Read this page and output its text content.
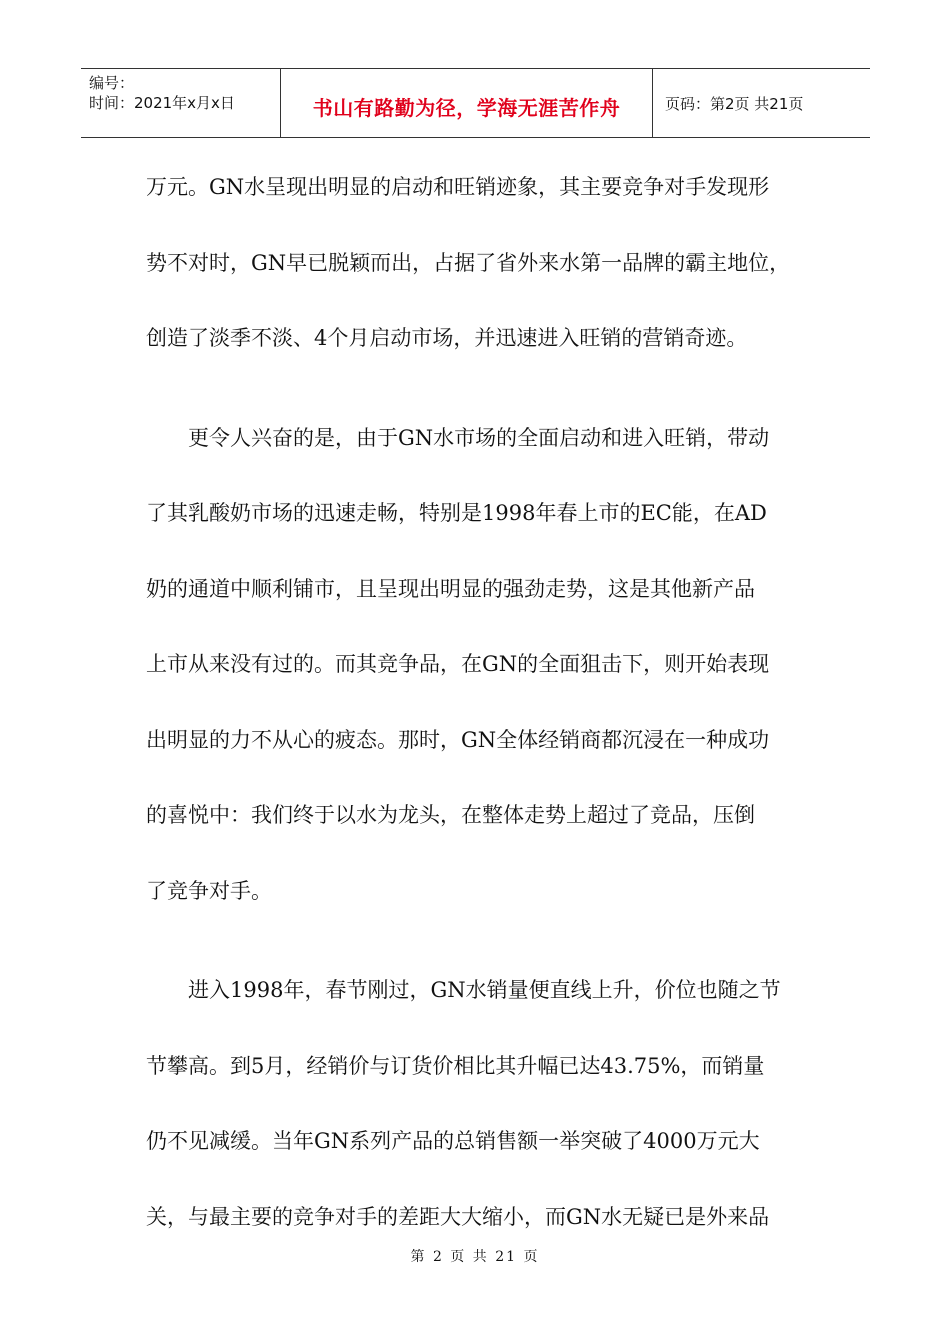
编号：
时间：2021年x月x日	书山有路勤为径，学海无涯苦作舟	页码：第2页 共21页
万元。GN水呈现出明显的启动和旺销迹象，其主要竞争对手发现形
势不对时，GN早已脱颖而出，占据了省外来水第一品牌的霸主地位，
创造了淡季不淡、4个月启动市场，并迅速进入旺销的营销奇迹。
更令人兴奋的是，由于GN水市场的全面启动和进入旺销，带动
了其乳酸奶市场的迅速走畅，特别是1998年春上市的EC能，在AD
奶的通道中顺利铺市，且呈现出明显的强劲走势，这是其他新产品
上市从来没有过的。而其竞争品，在GN的全面狙击下，则开始表现
出明显的力不从心的疲态。那时，GN全体经销商都沉浸在一种成功
的喜悦中：我们终于以水为龙头，在整体走势上超过了竞品，压倒
了竞争对手。
进入1998年，春节刚过，GN水销量便直线上升，价位也随之节
节攀高。到5月，经销价与订货价相比其升幅已达43.75%，而销量
仍不见减缓。当年GN系列产品的总销售额一举突破了4000万元大
关，与最主要的竞争对手的差距大大缩小，而GN水无疑已是外来品
第 2 页 共 21 页
